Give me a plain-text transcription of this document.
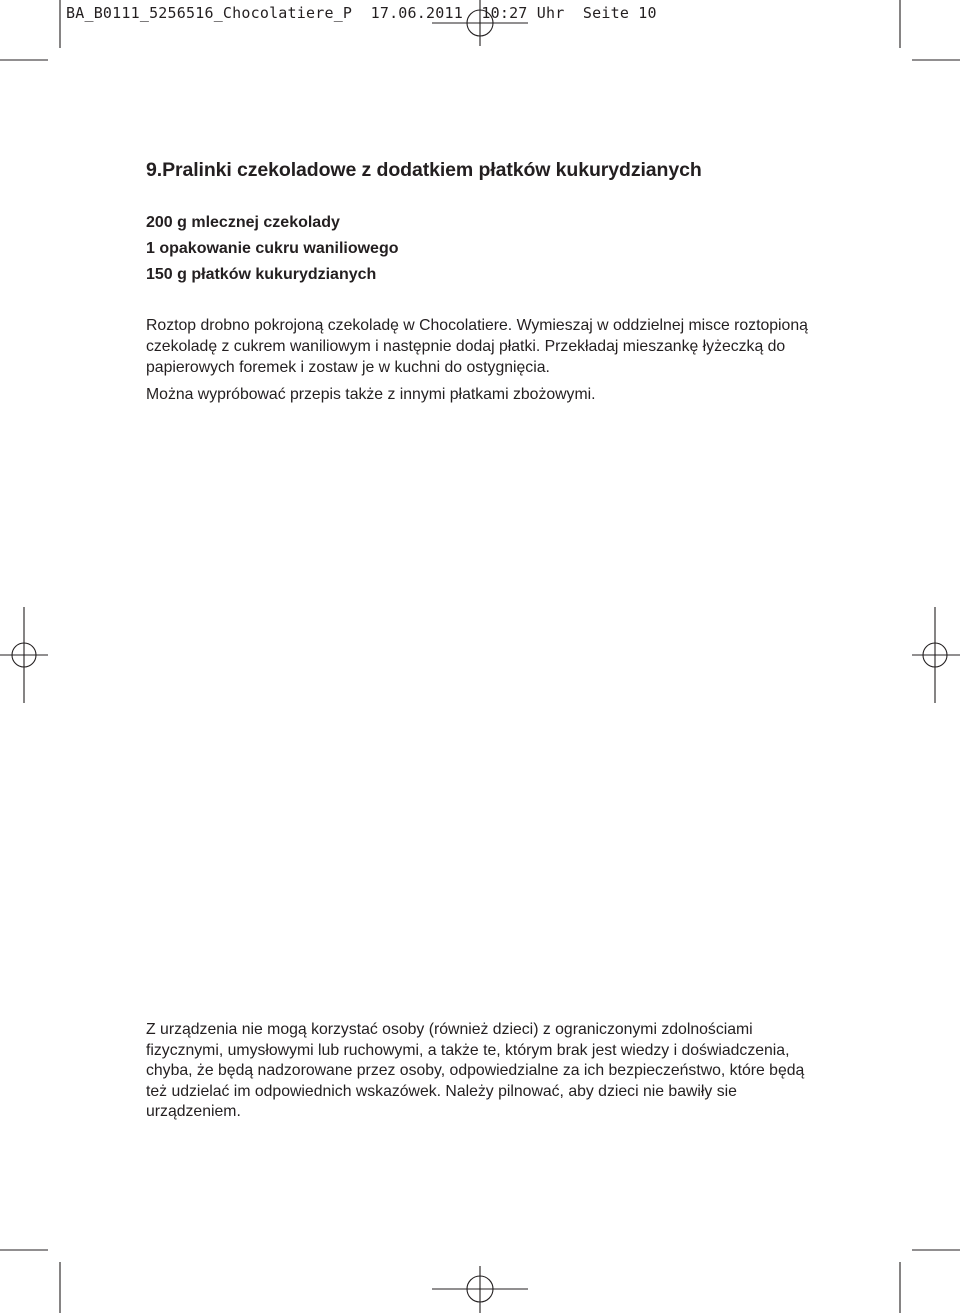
BA_B0111_5256516_Chocolatiere_P  17.06.2011  10:27 Uhr  Seite 10
9.Pralinki czekoladowe z dodatkiem płatków kukurydzianych
200 g mlecznej czekolady
1 opakowanie cukru waniliowego
150 g płatków kukurydzianych

Roztop drobno pokrojoną czekoladę w Chocolatiere. Wymieszaj w oddzielnej misce roztopioną czekoladę z cukrem waniliowym i następnie dodaj płatki. Przekładaj mieszankę łyżeczką do papierowych foremek i zostaw je w kuchni do ostygnięcia.

Można wypróbować przepis także z innymi płatkami zbożowymi.

Z urządzenia nie mogą korzystać osoby (również dzieci) z ograniczonymi zdolnościami fizycznymi, umysłowymi lub ruchowymi, a także te, którym brak jest wiedzy i doświadczenia, chyba, że będą nadzorowane przez osoby, odpowiedzialne za ich bezpieczeństwo, które będą też udzielać im odpowiednich wskazówek. Należy pilnować, aby dzieci nie bawiły sie urządzeniem.
